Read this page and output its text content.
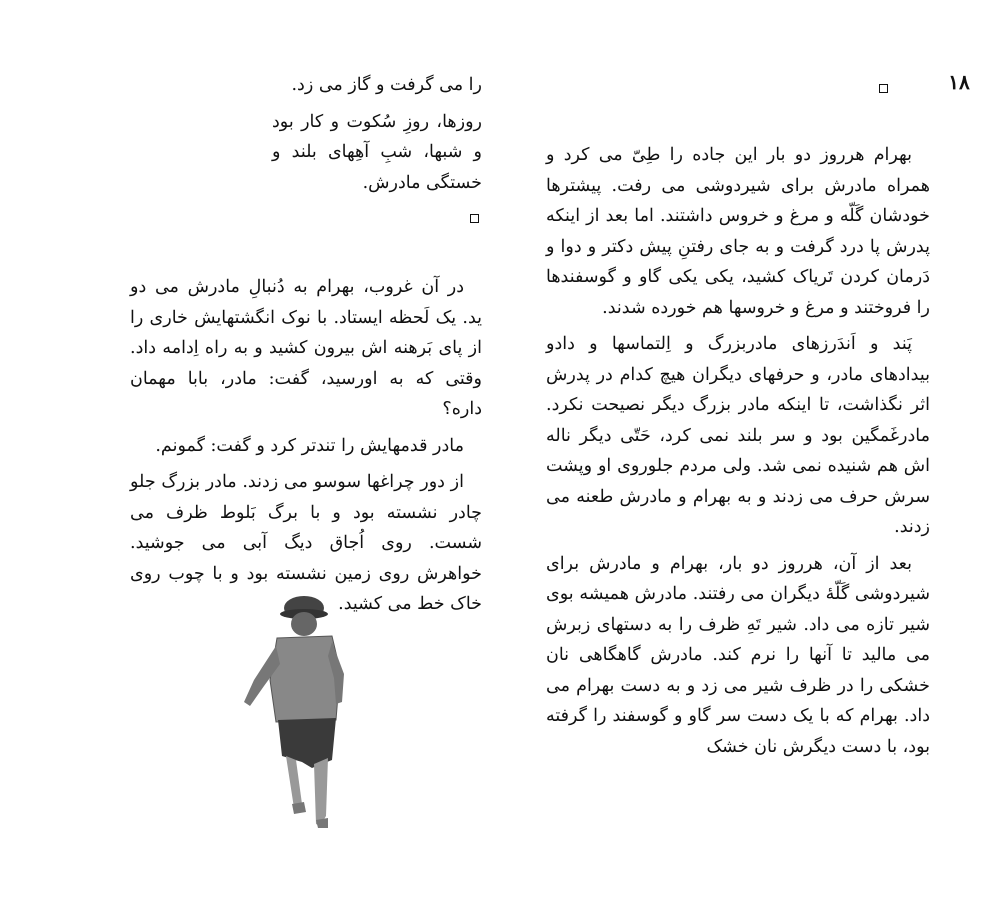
۱۸

را می گرفت و گاز می زد.

روزها، روزِ سُکوت و کار بود و شبها، شبِ آهِهای بلند و خستگی مادرش.

در آن غروب، بهرام به دُنبالِ مادرش می دو ید. یک لَحظه ایستاد. با نوک انگشتهایش خاری را از پای بَرهنه اش بیرون کشید و به راه اِدامه داد. وقتی که به اورسید، گفت: مادر، بابا مهمان داره؟

مادر قدمهایش را تندتر کرد و گفت: گمونم.

از دور چراغها سوسو می زدند. مادر بزرگ جلو چادر نشسته بود و با برگ بَلوط ظرف می شست. روی اُجاق دیگ آبی می جوشید. خواهرش روی زمین نشسته بود و با چوب روی خاک خط می کشید.

بهرام هرروز دو بار این جاده را طِیّ می کرد و همراه مادرش برای شیردوشی می رفت. پیشترها خودشان گَلّه و مرغ و خروس داشتند. اما بعد از اینکه پدرش پا درد گرفت و به جای رفتنِ پیش دکتر و دوا و دَرمان کردن تَریاک کشید، یکی یکی گاو و گوسفندها را فروختند و مرغ و خروسها هم خورده شدند.

پَند و اَندَرزهای مادربزرگ و اِلتماسها و دادو بیدادهای مادر، و حرفهای دیگران هیچ کدام در پدرش اثر نگذاشت، تا اینکه مادر بزرگ دیگر نصیحت نکرد. مادرغَمگین بود و سر بلند نمی کرد، حَتّی دیگر ناله اش هم شنیده نمی شد. ولی مردم جلوروی او وپشت سرش حرف می زدند و به بهرام و مادرش طعنه می زدند.

بعد از آن، هرروز دو بار، بهرام و مادرش برای شیردوشی گَلّهٔ دیگران می رفتند. مادرش همیشه بوی شیر تازه می داد. شیر تَهِ ظرف را به دستهای زبرش می مالید تا آنها را نرم کند. مادرش گاهگاهی نان خشکی را در ظرف شیر می زد و به دست بهرام می داد. بهرام که با یک دست سر گاو و گوسفند را گرفته بود، با دست دیگرش نان خشک
